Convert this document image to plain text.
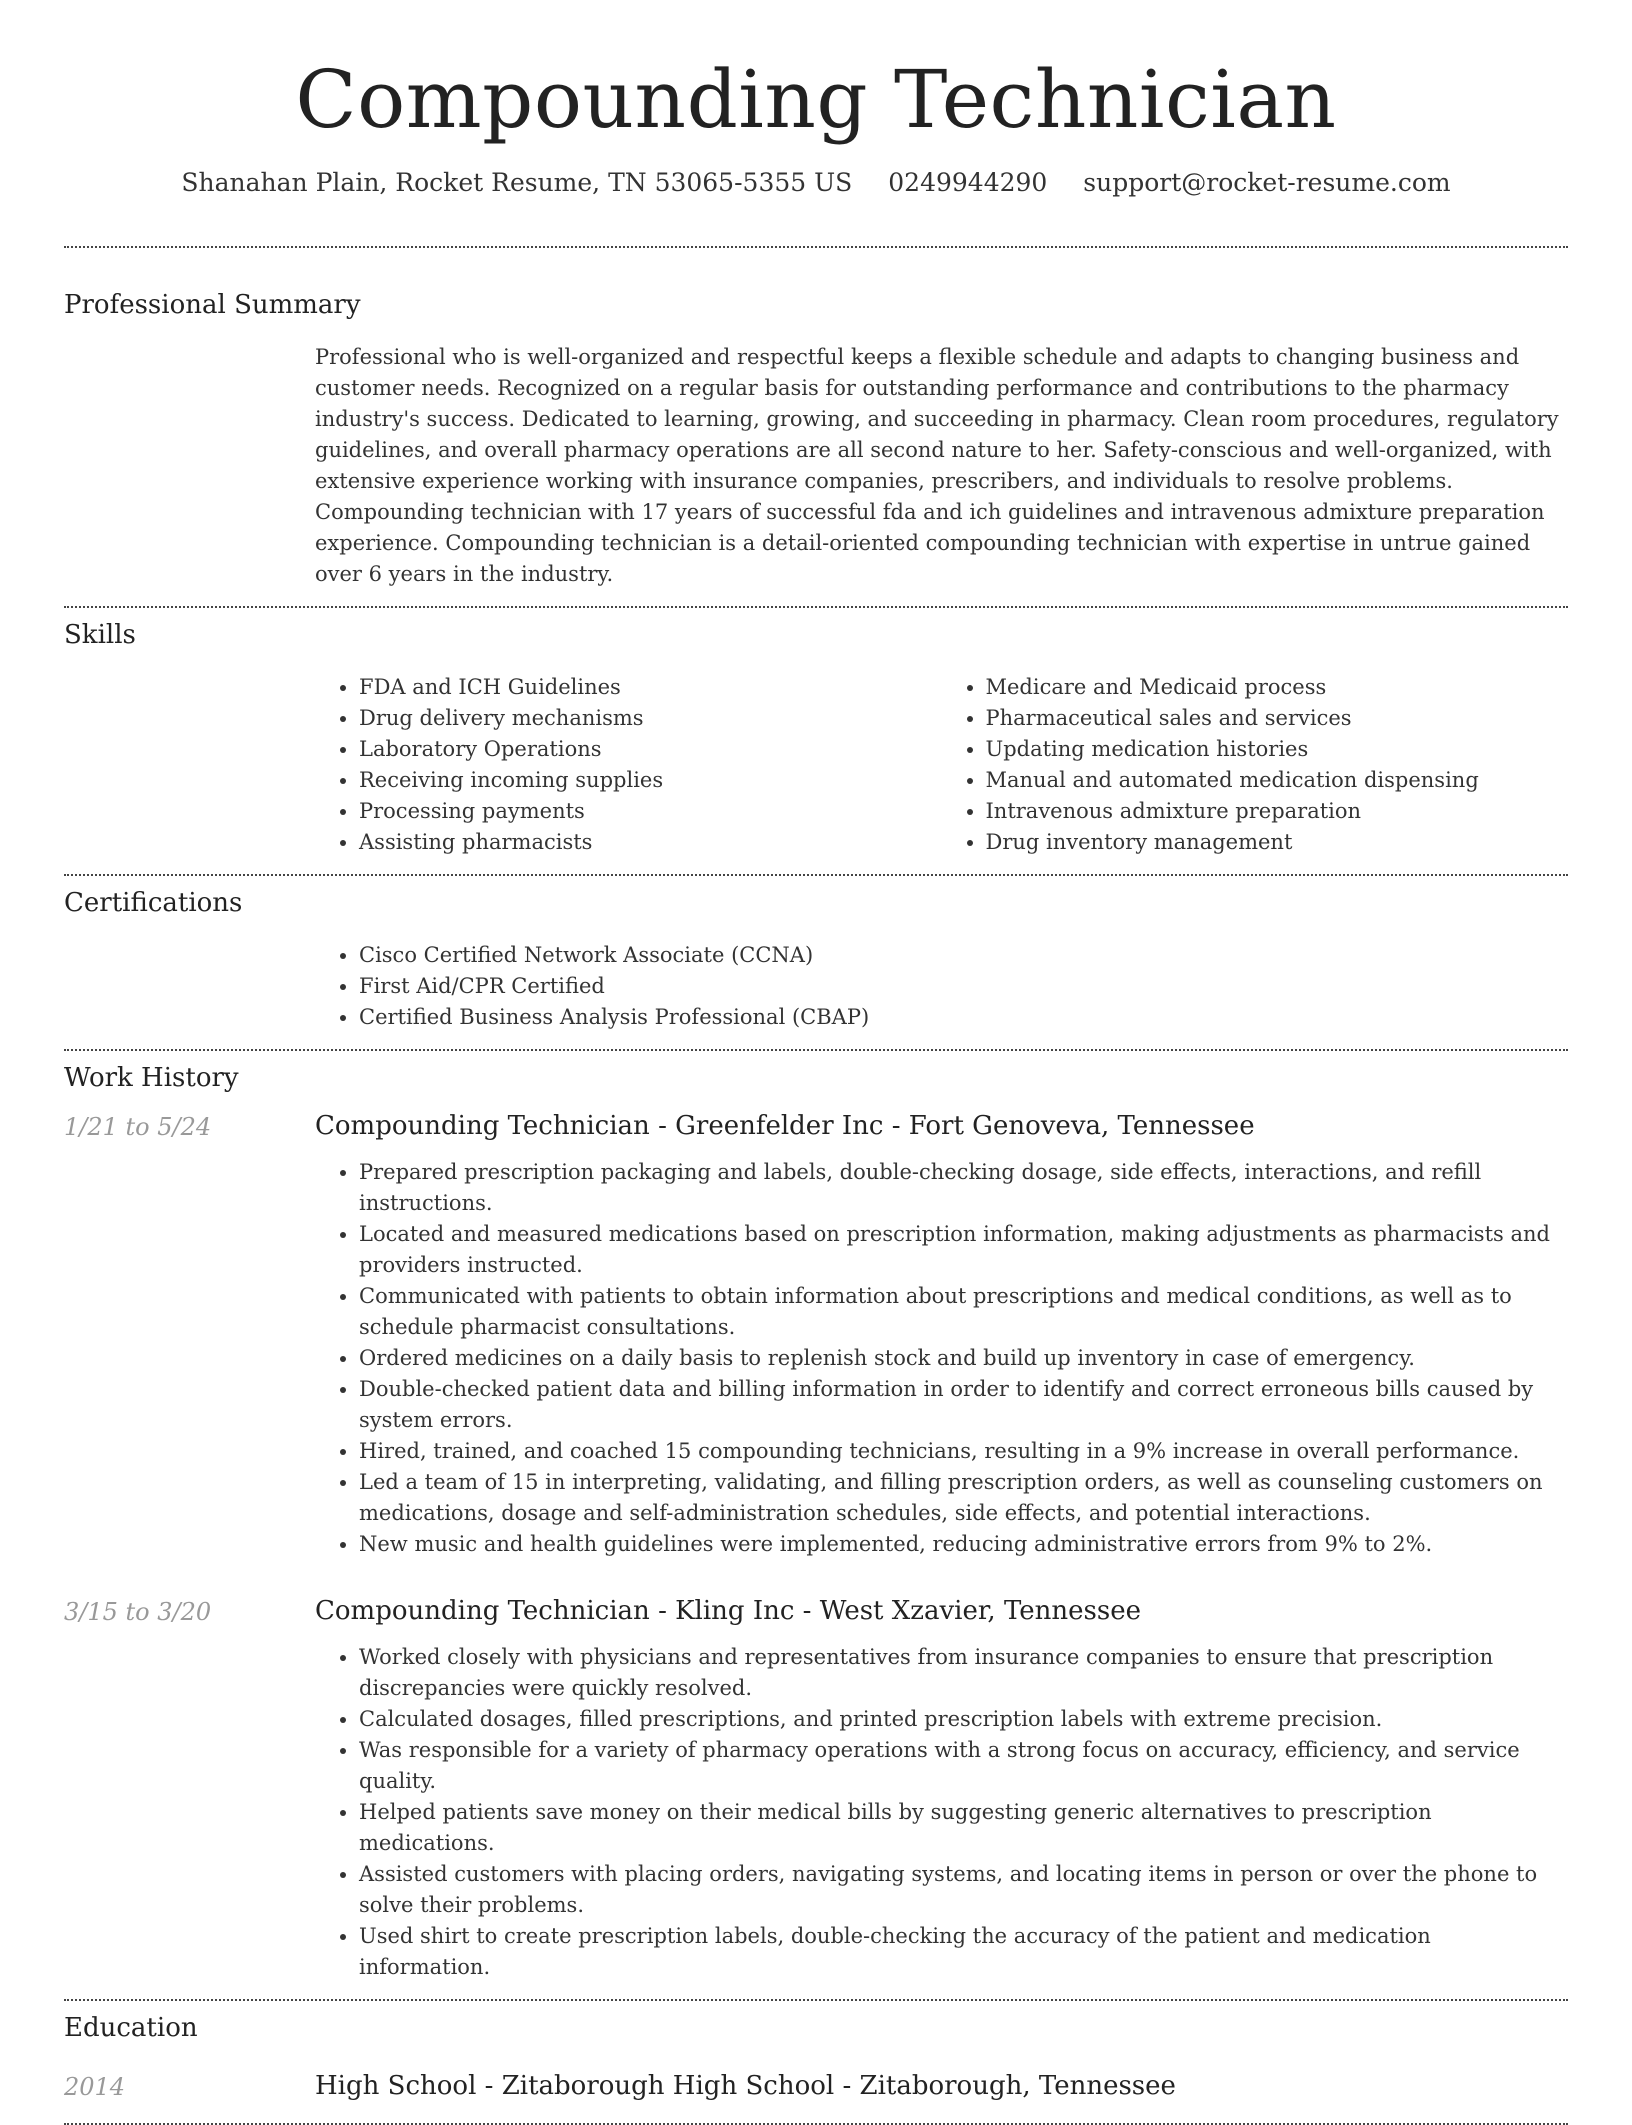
Compounding Technician
Shanahan Plain, Rocket Resume, TN 53065-5355 US 0249944290 support@rocket-resume.com
Professional Summary

Professional who is well-organized and respectful keeps a flexible schedule and adapts to changing business and customer needs. Recognized on a regular basis for outstanding performance and contributions to the pharmacy industry's success. Dedicated to learning, growing, and succeeding in pharmacy. Clean room procedures, regulatory guidelines, and overall pharmacy operations are all second nature to her. Safety-conscious and well-organized, with extensive experience working with insurance companies, prescribers, and individuals to resolve problems. Compounding technician with 17 years of successful fda and ich guidelines and intravenous admixture preparation experience. Compounding technician is a detail-oriented compounding technician with expertise in untrue gained over 6 years in the industry.

Skills
• FDA and ICH Guidelines
• Drug delivery mechanisms
• Laboratory Operations
• Receiving incoming supplies
• Processing payments
• Assisting pharmacists
• Medicare and Medicaid process
• Pharmaceutical sales and services
• Updating medication histories
• Manual and automated medication dispensing
• Intravenous admixture preparation
• Drug inventory management
Certifications
• Cisco Certified Network Associate (CCNA)
• First Aid/CPR Certified
• Certified Business Analysis Professional (CBAP)
Work History
1/21 to 5/24	Compounding Technician - Greenfelder Inc - Fort Genoveva, Tennessee
• Prepared prescription packaging and labels, double-checking dosage, side effects, interactions, and refill instructions.
• Located and measured medications based on prescription information, making adjustments as pharmacists and providers instructed.
• Communicated with patients to obtain information about prescriptions and medical conditions, as well as to schedule pharmacist consultations.
• Ordered medicines on a daily basis to replenish stock and build up inventory in case of emergency.
• Double-checked patient data and billing information in order to identify and correct erroneous bills caused by system errors.
• Hired, trained, and coached 15 compounding technicians, resulting in a 9% increase in overall performance.
• Led a team of 15 in interpreting, validating, and filling prescription orders, as well as counseling customers on medications, dosage and self-administration schedules, side effects, and potential interactions.
• New music and health guidelines were implemented, reducing administrative errors from 9% to 2%.
3/15 to 3/20	Compounding Technician - Kling Inc - West Xzavier, Tennessee
• Worked closely with physicians and representatives from insurance companies to ensure that prescription discrepancies were quickly resolved.
• Calculated dosages, filled prescriptions, and printed prescription labels with extreme precision.
• Was responsible for a variety of pharmacy operations with a strong focus on accuracy, efficiency, and service quality.
• Helped patients save money on their medical bills by suggesting generic alternatives to prescription medications.
• Assisted customers with placing orders, navigating systems, and locating items in person or over the phone to solve their problems.
• Used shirt to create prescription labels, double-checking the accuracy of the patient and medication information.
Education
2014	High School - Zitaborough High School - Zitaborough, Tennessee
